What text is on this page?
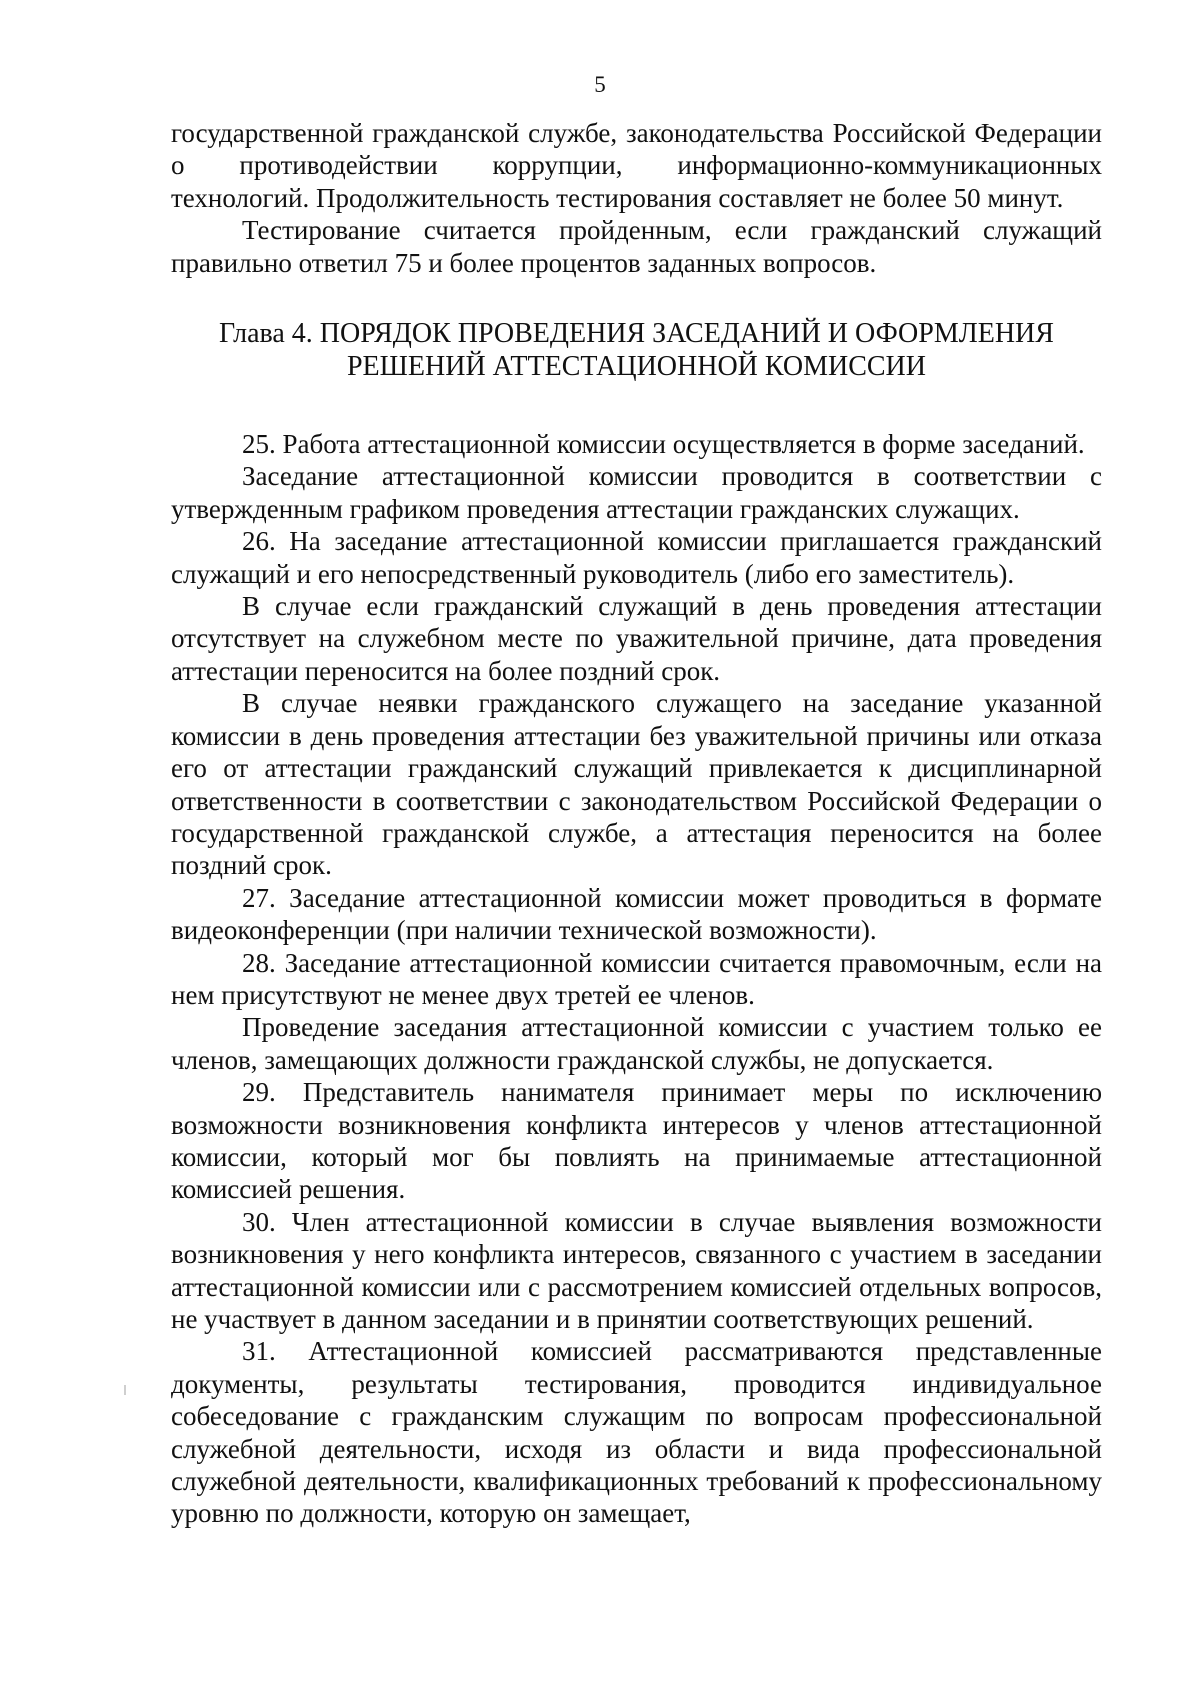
5

государственной гражданской службе, законодательства Российской Федерации о противодействии коррупции, информационно-коммуникационных технологий. Продолжительность тестирования составляет не более 50 минут.

Тестирование считается пройденным, если гражданский служащий правильно ответил 75 и более процентов заданных вопросов.

Глава 4. ПОРЯДОК ПРОВЕДЕНИЯ ЗАСЕДАНИЙ И ОФОРМЛЕНИЯ
РЕШЕНИЙ АТТЕСТАЦИОННОЙ КОМИССИИ

25. Работа аттестационной комиссии осуществляется в форме заседаний.

Заседание аттестационной комиссии проводится в соответствии с утвержденным графиком проведения аттестации гражданских служащих.

26. На заседание аттестационной комиссии приглашается гражданский служащий и его непосредственный руководитель (либо его заместитель).

В случае если гражданский служащий в день проведения аттестации отсутствует на служебном месте по уважительной причине, дата проведения аттестации переносится на более поздний срок.

В случае неявки гражданского служащего на заседание указанной комиссии в день проведения аттестации без уважительной причины или отказа его от аттестации гражданский служащий привлекается к дисциплинарной ответственности в соответствии с законодательством Российской Федерации о государственной гражданской службе, а аттестация переносится на более поздний срок.

27. Заседание аттестационной комиссии может проводиться в формате видеоконференции (при наличии технической возможности).

28. Заседание аттестационной комиссии считается правомочным, если на нем присутствуют не менее двух третей ее членов.

Проведение заседания аттестационной комиссии с участием только ее членов, замещающих должности гражданской службы, не допускается.

29. Представитель нанимателя принимает меры по исключению возможности возникновения конфликта интересов у членов аттестационной комиссии, который мог бы повлиять на принимаемые аттестационной комиссией решения.

30. Член аттестационной комиссии в случае выявления возможности возникновения у него конфликта интересов, связанного с участием в заседании аттестационной комиссии или с рассмотрением комиссией отдельных вопросов, не участвует в данном заседании и в принятии соответствующих решений.

31. Аттестационной комиссией рассматриваются представленные документы, результаты тестирования, проводится индивидуальное собеседование с гражданским служащим по вопросам профессиональной служебной деятельности, исходя из области и вида профессиональной служебной деятельности, квалификационных требований к профессиональному уровню по должности, которую он замещает,
